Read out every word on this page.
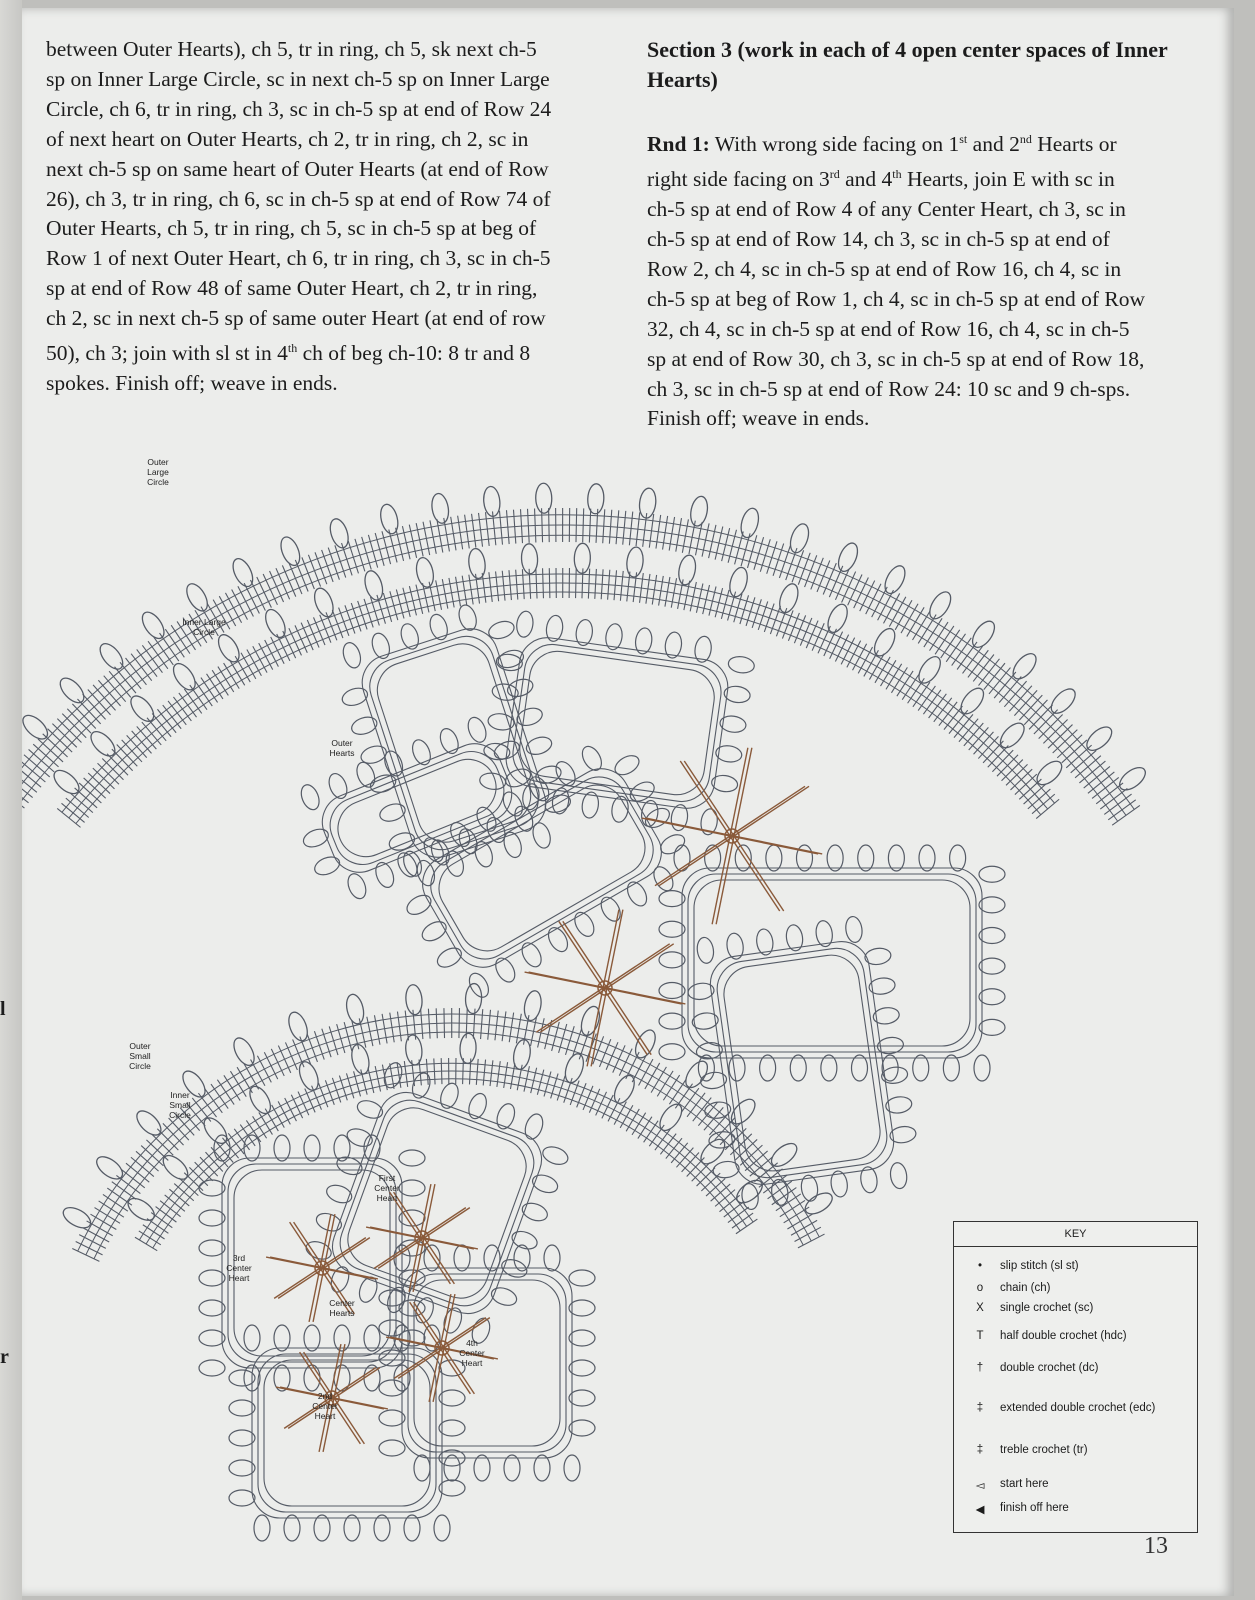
l
r
between Outer Hearts), ch 5, tr in ring, ch 5, sk next ch-5
sp on Inner Large Circle, sc in next ch-5 sp on Inner Large
Circle, ch 6, tr in ring, ch 3, sc in ch-5 sp at end of Row 24
of next heart on Outer Hearts, ch 2, tr in ring, ch 2, sc in
next ch-5 sp on same heart of Outer Hearts (at end of Row
26), ch 3, tr in ring, ch 6, sc in ch-5 sp at end of Row 74 of
Outer Hearts, ch 5, tr in ring, ch 5, sc in ch-5 sp at beg of
Row 1 of next Outer Heart, ch 6, tr in ring, ch 3, sc in ch-5
sp at end of Row 48 of same Outer Heart, ch 2, tr in ring,
ch 2, sc in next ch-5 sp of same outer Heart (at end of row
50), ch 3; join with sl st in 4th ch of beg ch-10: 8 tr and 8
spokes. Finish off; weave in ends.
Section 3 (work in each of 4 open center spaces of Inner Hearts)
Rnd 1: With wrong side facing on 1st and 2nd Hearts or
right side facing on 3rd and 4th Hearts, join E with sc in
ch-5 sp at end of Row 4 of any Center Heart, ch 3, sc in
ch-5 sp at end of Row 14, ch 3, sc in ch-5 sp at end of
Row 2, ch 4, sc in ch-5 sp at end of Row 16, ch 4, sc in
ch-5 sp at beg of Row 1, ch 4, sc in ch-5 sp at end of Row
32, ch 4, sc in ch-5 sp at end of Row 16, ch 4, sc in ch-5
sp at end of Row 30, ch 3, sc in ch-5 sp at end of Row 18,
ch 3, sc in ch-5 sp at end of Row 24: 10 sc and 9 ch-sps.
Finish off; weave in ends.
Outer Large Circle
Inner Large Circle
Outer Hearts
Outer Small Circle
Inner Small Circle
First Center Heart
3rd Center Heart
Center Hearts
4th Center Heart
2nd Center Heart
KEY
•	slip stitch (sl st)
o	chain (ch)
X	single crochet (sc)
T	half double crochet (hdc)
†	double crochet (dc)
‡	extended double crochet (edc)
‡	treble crochet (tr)
◅	start here
◀	finish off here
13
